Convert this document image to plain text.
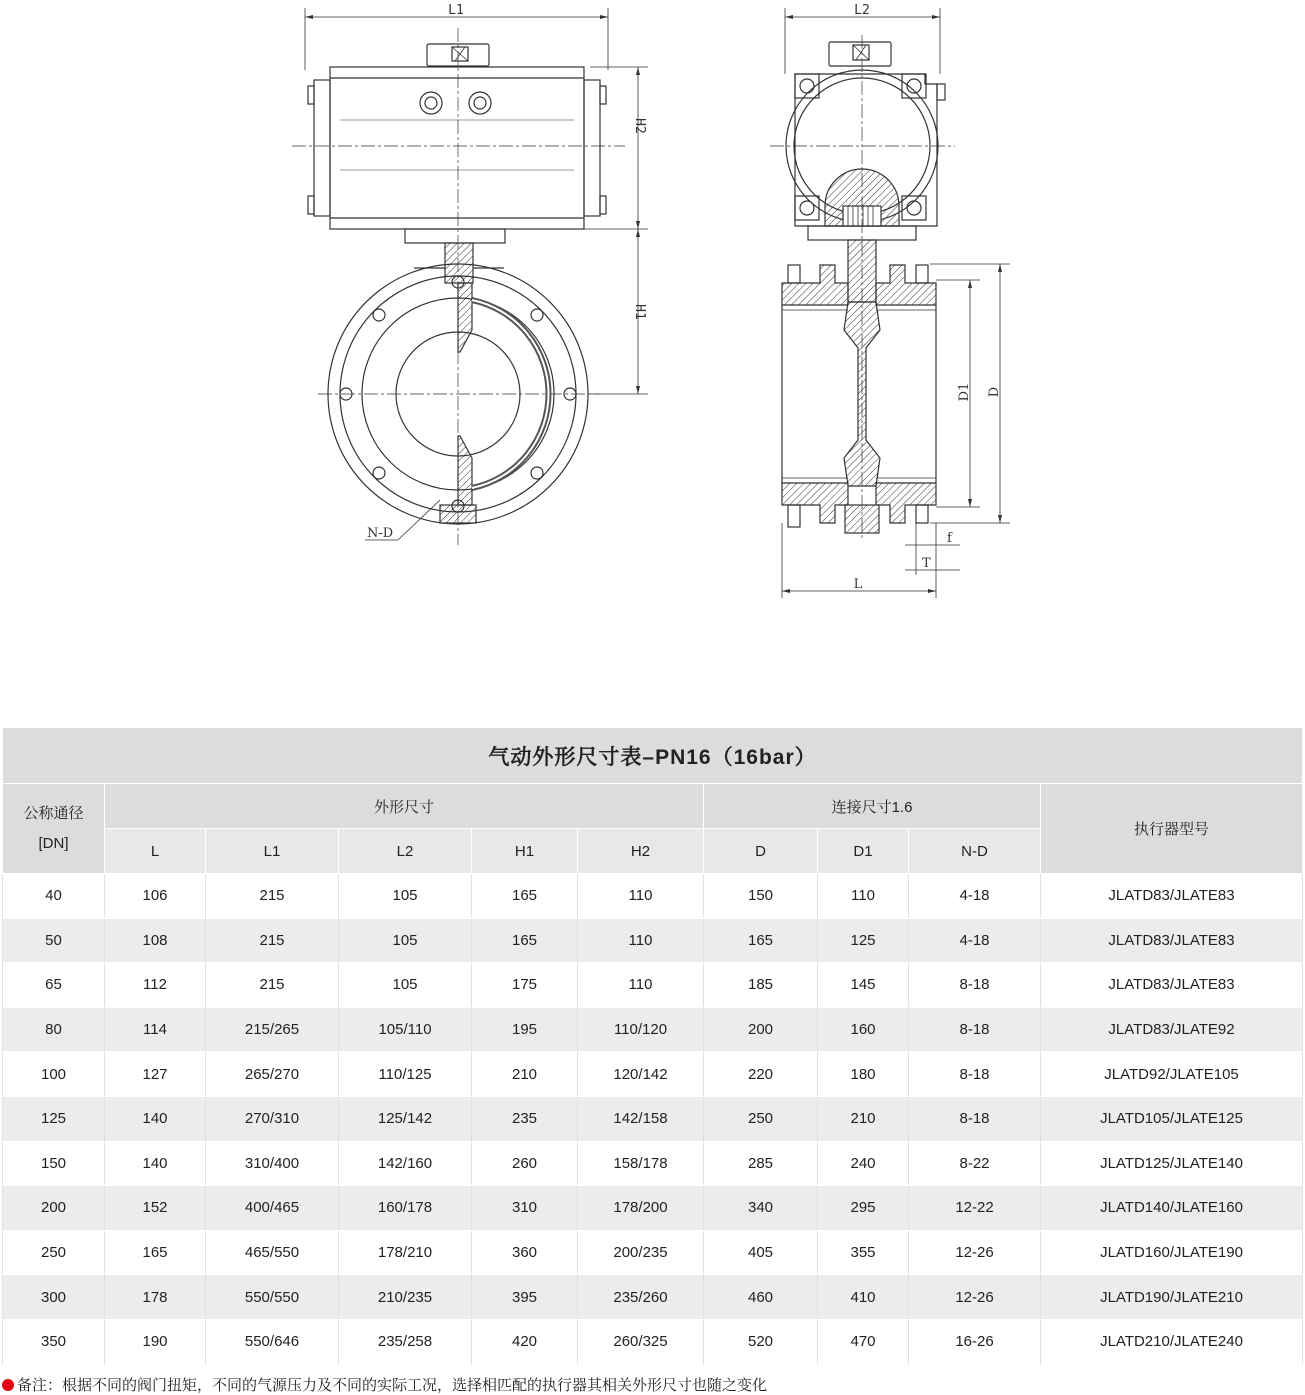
L1
H2
H1
N-D
L2
D1 D
f
T
L
气动外形尺寸表–PN16（16bar）									
公称通径
[DN]	外形尺寸					连接尺寸1.6			执行器型号
	L	L1	L2	H1	H2	D	D1	N-D	
40	106	215	105	165	110	150	110	4-18	JLATD83/JLATE83
50	108	215	105	165	110	165	125	4-18	JLATD83/JLATE83
65	112	215	105	175	110	185	145	8-18	JLATD83/JLATE83
80	114	215/265	105/110	195	110/120	200	160	8-18	JLATD83/JLATE92
100	127	265/270	110/125	210	120/142	220	180	8-18	JLATD92/JLATE105
125	140	270/310	125/142	235	142/158	250	210	8-18	JLATD105/JLATE125
150	140	310/400	142/160	260	158/178	285	240	8-22	JLATD125/JLATE140
200	152	400/465	160/178	310	178/200	340	295	12-22	JLATD140/JLATE160
250	165	465/550	178/210	360	200/235	405	355	12-26	JLATD160/JLATE190
300	178	550/550	210/235	395	235/260	460	410	12-26	JLATD190/JLATE210
350	190	550/646	235/258	420	260/325	520	470	16-26	JLATD210/JLATE240
备注：根据不同的阀门扭矩，不同的气源压力及不同的实际工况，选择相匹配的执行器其相关外形尺寸也随之变化
